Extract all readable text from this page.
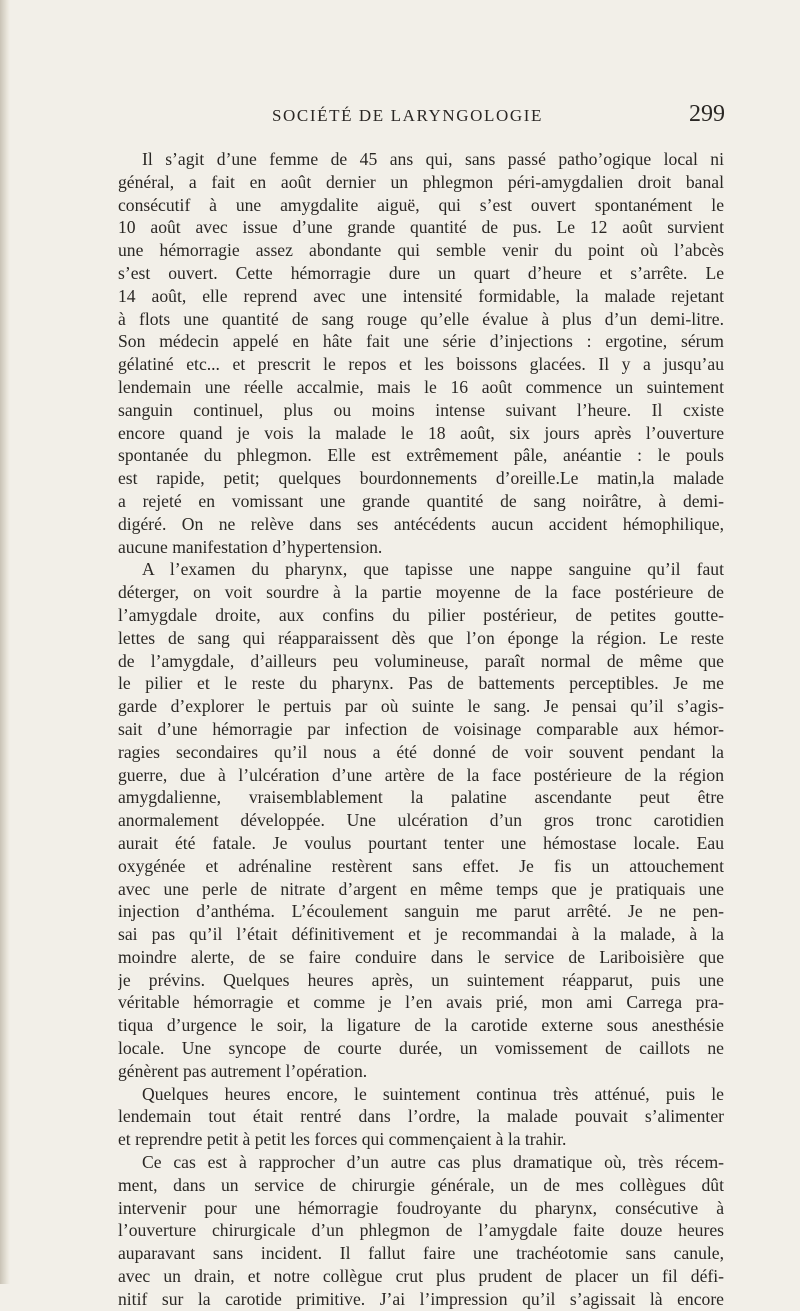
SOCIÉTÉ DE LARYNGOLOGIE	299
Il s’agit d’une femme de 45 ans qui, sans passé patho’ogique local ni
général, a fait en août dernier un phlegmon péri-amygdalien droit banal
consécutif à une amygdalite aiguë, qui s’est ouvert spontanément le
10 août avec issue d’une grande quantité de pus. Le 12 août survient
une hémorragie assez abondante qui semble venir du point où l’abcès
s’est ouvert. Cette hémorragie dure un quart d’heure et s’arrête. Le
14 août, elle reprend avec une intensité formidable, la malade rejetant
à flots une quantité de sang rouge qu’elle évalue à plus d’un demi-litre.
Son médecin appelé en hâte fait une série d’injections : ergotine, sérum
gélatiné etc... et prescrit le repos et les boissons glacées. Il y a jusqu’au
lendemain une réelle accalmie, mais le 16 août commence un suintement
sanguin continuel, plus ou moins intense suivant l’heure. Il cxiste
encore quand je vois la malade le 18 août, six jours après l’ouverture
spontanée du phlegmon. Elle est extrêmement pâle, anéantie : le pouls
est rapide, petit; quelques bourdonnements d’oreille.Le matin,la malade
a rejeté en vomissant une grande quantité de sang noirâtre, à demi-
digéré. On ne relève dans ses antécédents aucun accident hémophilique,
aucune manifestation d’hypertension.
A l’examen du pharynx, que tapisse une nappe sanguine qu’il faut
déterger, on voit sourdre à la partie moyenne de la face postérieure de
l’amygdale droite, aux confins du pilier postérieur, de petites goutte-
lettes de sang qui réapparaissent dès que l’on éponge la région. Le reste
de l’amygdale, d’ailleurs peu volumineuse, paraît normal de même que
le pilier et le reste du pharynx. Pas de battements perceptibles. Je me
garde d’explorer le pertuis par où suinte le sang. Je pensai qu’il s’agis-
sait d’une hémorragie par infection de voisinage comparable aux hémor-
ragies secondaires qu’il nous a été donné de voir souvent pendant la
guerre, due à l’ulcération d’une artère de la face postérieure de la région
amygdalienne, vraisemblablement la palatine ascendante peut être
anormalement développée. Une ulcération d’un gros tronc carotidien
aurait été fatale. Je voulus pourtant tenter une hémostase locale. Eau
oxygénée et adrénaline restèrent sans effet. Je fis un attouchement
avec une perle de nitrate d’argent en même temps que je pratiquais une
injection d’anthéma. L’écoulement sanguin me parut arrêté. Je ne pen-
sai pas qu’il l’était définitivement et je recommandai à la malade, à la
moindre alerte, de se faire conduire dans le service de Lariboisière que
je prévins. Quelques heures après, un suintement réapparut, puis une
véritable hémorragie et comme je l’en avais prié, mon ami Carrega pra-
tiqua d’urgence le soir, la ligature de la carotide externe sous anesthésie
locale. Une syncope de courte durée, un vomissement de caillots ne
génèrent pas autrement l’opération.
Quelques heures encore, le suintement continua très atténué, puis le
lendemain tout était rentré dans l’ordre, la malade pouvait s’alimenter
et reprendre petit à petit les forces qui commençaient à la trahir.
Ce cas est à rapprocher d’un autre cas plus dramatique où, très récem-
ment, dans un service de chirurgie générale, un de mes collègues dût
intervenir pour une hémorragie foudroyante du pharynx, consécutive à
l’ouverture chirurgicale d’un phlegmon de l’amygdale faite douze heures
auparavant sans incident. Il fallut faire une trachéotomie sans canule,
avec un drain, et notre collègue crut plus prudent de placer un fil défi-
nitif sur la carotide primitive. J’ai l’impression qu’il s’agissait là encore
